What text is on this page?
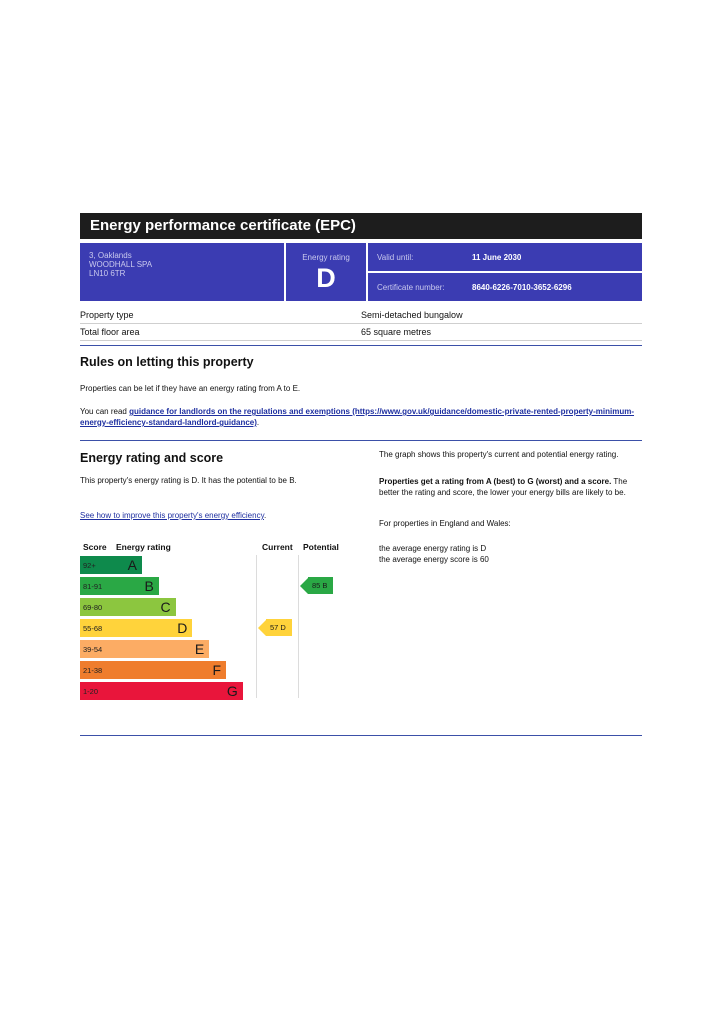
Energy performance certificate (EPC)
3, Oaklands
WOODHALL SPA
LN10 6TR
Energy rating
D
Valid until:	11 June 2030
Certificate number:	8640-6226-7010-3652-6296
Property type	Semi-detached bungalow
Total floor area	65 square metres
Rules on letting this property

Properties can be let if they have an energy rating from A to E.

You can read guidance for landlords on the regulations and exemptions (https://www.gov.uk/guidance/domestic-private-rented-property-minimum-energy-efficiency-standard-landlord-guidance).

Energy rating and score

This property's energy rating is D. It has the potential to be B.

See how to improve this property's energy efficiency.

Score Energy rating	Current Potential
92+ A
81-91	B
69-80	C
55-68	D
39-54	E
21-38	F
1-20	G
57 D
85 B

The graph shows this property's current and potential energy rating.

Properties get a rating from A (best) to G (worst) and a score. The better the rating and score, the lower your energy bills are likely to be.

For properties in England and Wales:

the average energy rating is D

the average energy score is 60
